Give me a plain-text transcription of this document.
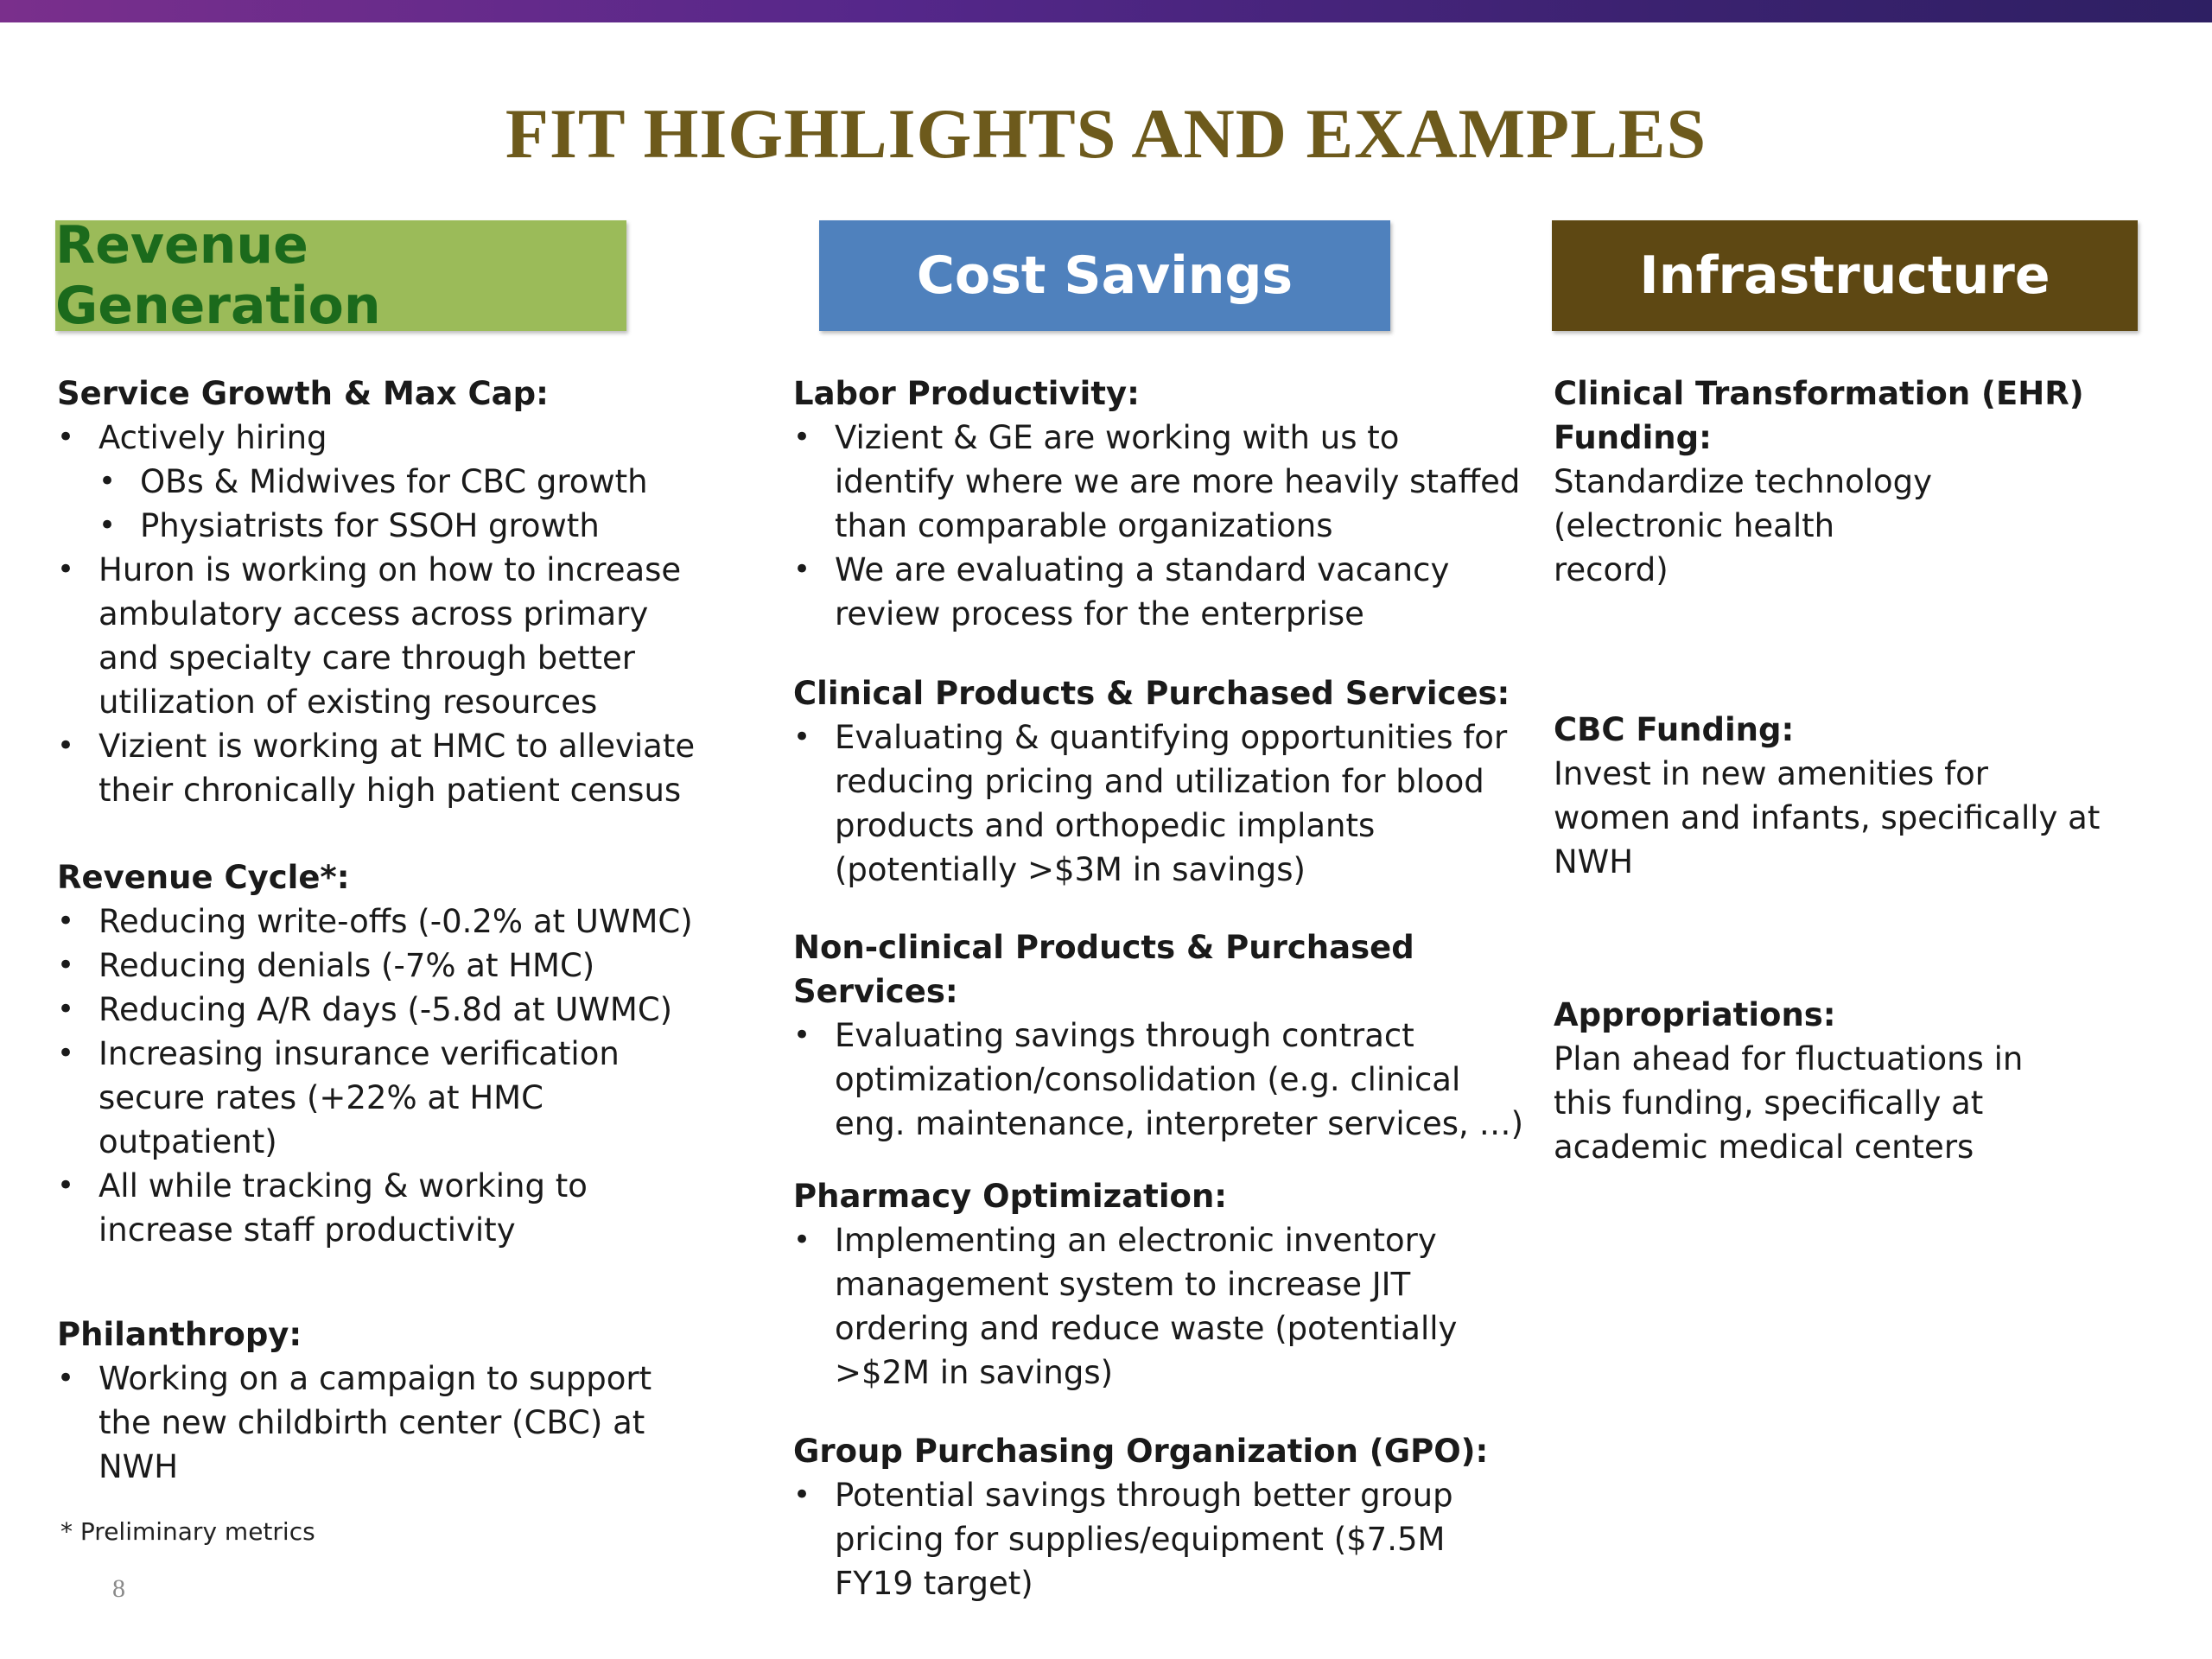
FIT HIGHLIGHTS AND EXAMPLES
Revenue Generation
Service Growth & Max Cap:
• Actively hiring
• OBs & Midwives for CBC growth
• Physiatrists for SSOH growth
• Huron is working on how to increase ambulatory access across primary and specialty care through better utilization of existing resources
• Vizient is working at HMC to alleviate their chronically high patient census
Revenue Cycle*:
• Reducing write-offs (-0.2% at UWMC)
• Reducing denials (-7% at HMC)
• Reducing A/R days (-5.8d at UWMC)
• Increasing insurance verification secure rates (+22% at HMC outpatient)
• All while tracking & working to increase staff productivity
Philanthropy:
• Working on a campaign to support the new childbirth center (CBC) at NWH
Cost Savings
Labor Productivity:
• Vizient & GE are working with us to identify where we are more heavily staffed than comparable organizations
• We are evaluating a standard vacancy review process for the enterprise
Clinical Products & Purchased Services:
• Evaluating & quantifying opportunities for reducing pricing and utilization for blood products and orthopedic implants (potentially >$3M in savings)
Non-clinical Products & Purchased Services:
• Evaluating savings through contract optimization/consolidation (e.g. clinical eng. maintenance, interpreter services, …)
Pharmacy Optimization:
• Implementing an electronic inventory management system to increase JIT ordering and reduce waste (potentially >$2M in savings)
Group Purchasing Organization (GPO):
• Potential savings through better group pricing for supplies/equipment ($7.5M FY19 target)
Infrastructure
Clinical Transformation (EHR) Funding:

Standardize technology (electronic health record)

CBC Funding:

Invest in new amenities for women and infants, specifically at NWH

Appropriations:

Plan ahead for fluctuations in this funding, specifically at academic medical centers

* Preliminary metrics
8
